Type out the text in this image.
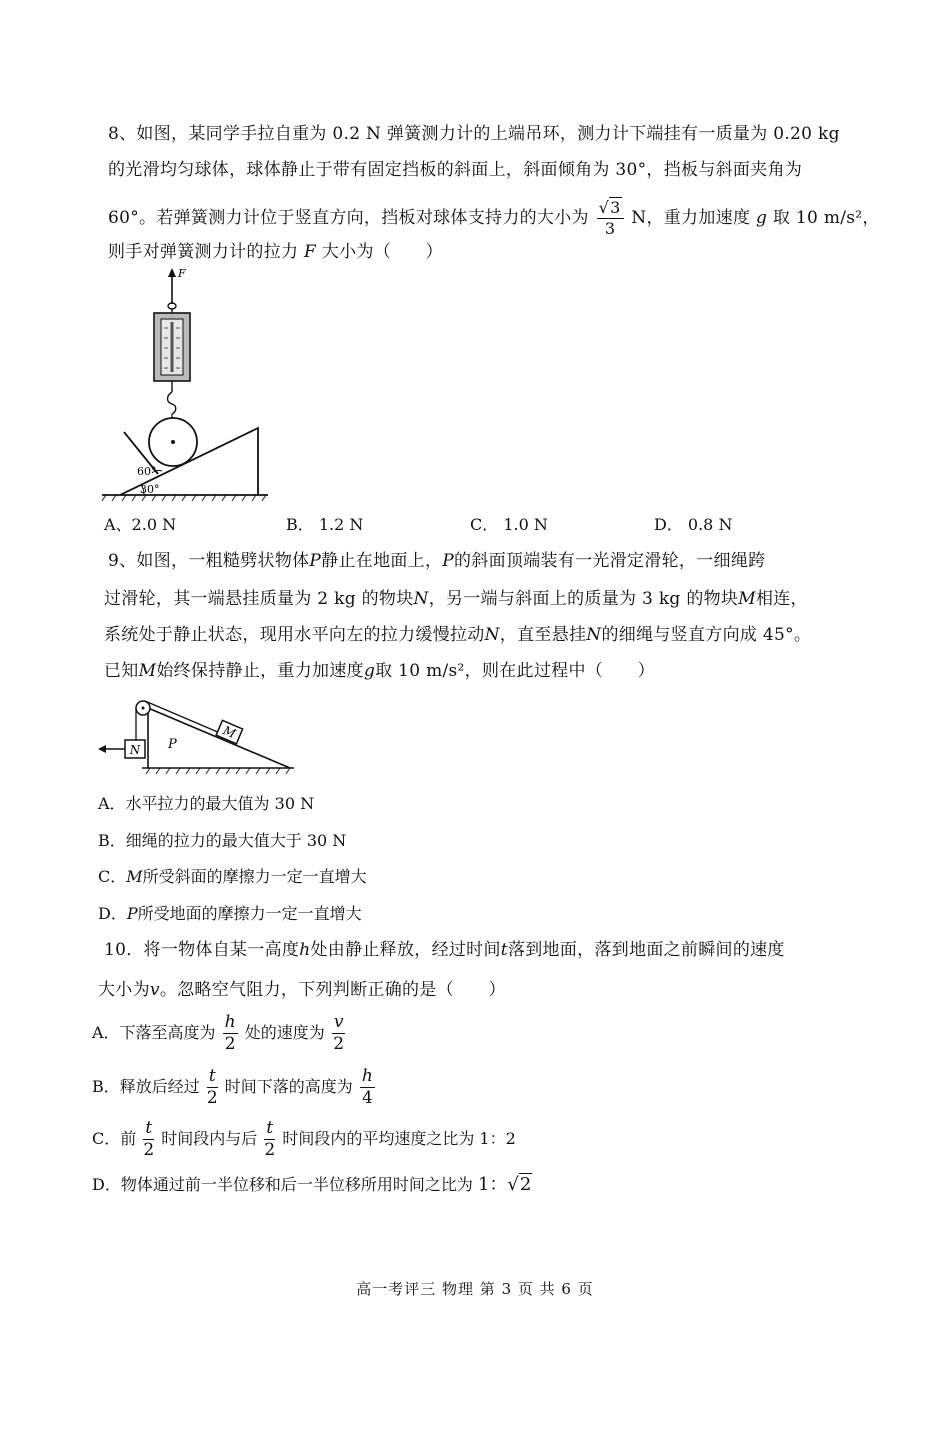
8、如图，某同学手拉自重为 0.2 N 弹簧测力计的上端吊环，测力计下端挂有一质量为 0.20 kg
的光滑均匀球体，球体静止于带有固定挡板的斜面上，斜面倾角为 30°，挡板与斜面夹角为
60°。若弹簧测力计位于竖直方向，挡板对球体支持力的大小为 $\frac{√3}{3}$ N，重力加速度 g 取 10 m/s²，
则手对弹簧测力计的拉力 F 大小为（　　）
F
60°
30°
A、2.0 N	B． 1.2 N	C． 1.0 N	D． 0.8 N
9、如图，一粗糙劈状物体P静止在地面上，P的斜面顶端装有一光滑定滑轮，一细绳跨
过滑轮，其一端悬挂质量为 2 kg 的物块N，另一端与斜面上的质量为 3 kg 的物块M相连，
系统处于静止状态，现用水平向左的拉力缓慢拉动N，直至悬挂N的细绳与竖直方向成 45°。
已知M始终保持静止，重力加速度g取 10 m/s²，则在此过程中（　　）
M
N P
A．水平拉力的最大值为 30 N
B．细绳的拉力的最大值大于 30 N
C．M所受斜面的摩擦力一定一直增大
D．P所受地面的摩擦力一定一直增大
10．将一物体自某一高度h处由静止释放，经过时间t落到地面，落到地面之前瞬间的速度
大小为v。忽略空气阻力，下列判断正确的是（　　）
A．下落至高度为 $\frac{h}{2}$ 处的速度为 $\frac{v}{2}$
B．释放后经过 $\frac{t}{2}$ 时间下落的高度为 $\frac{h}{4}$
C．前 $\frac{t}{2}$ 时间段内与后 $\frac{t}{2}$ 时间段内的平均速度之比为 1：2
D．物体通过前一半位移和后一半位移所用时间之比为 1：√2
高一考评三 物理 第 3 页 共 6 页
